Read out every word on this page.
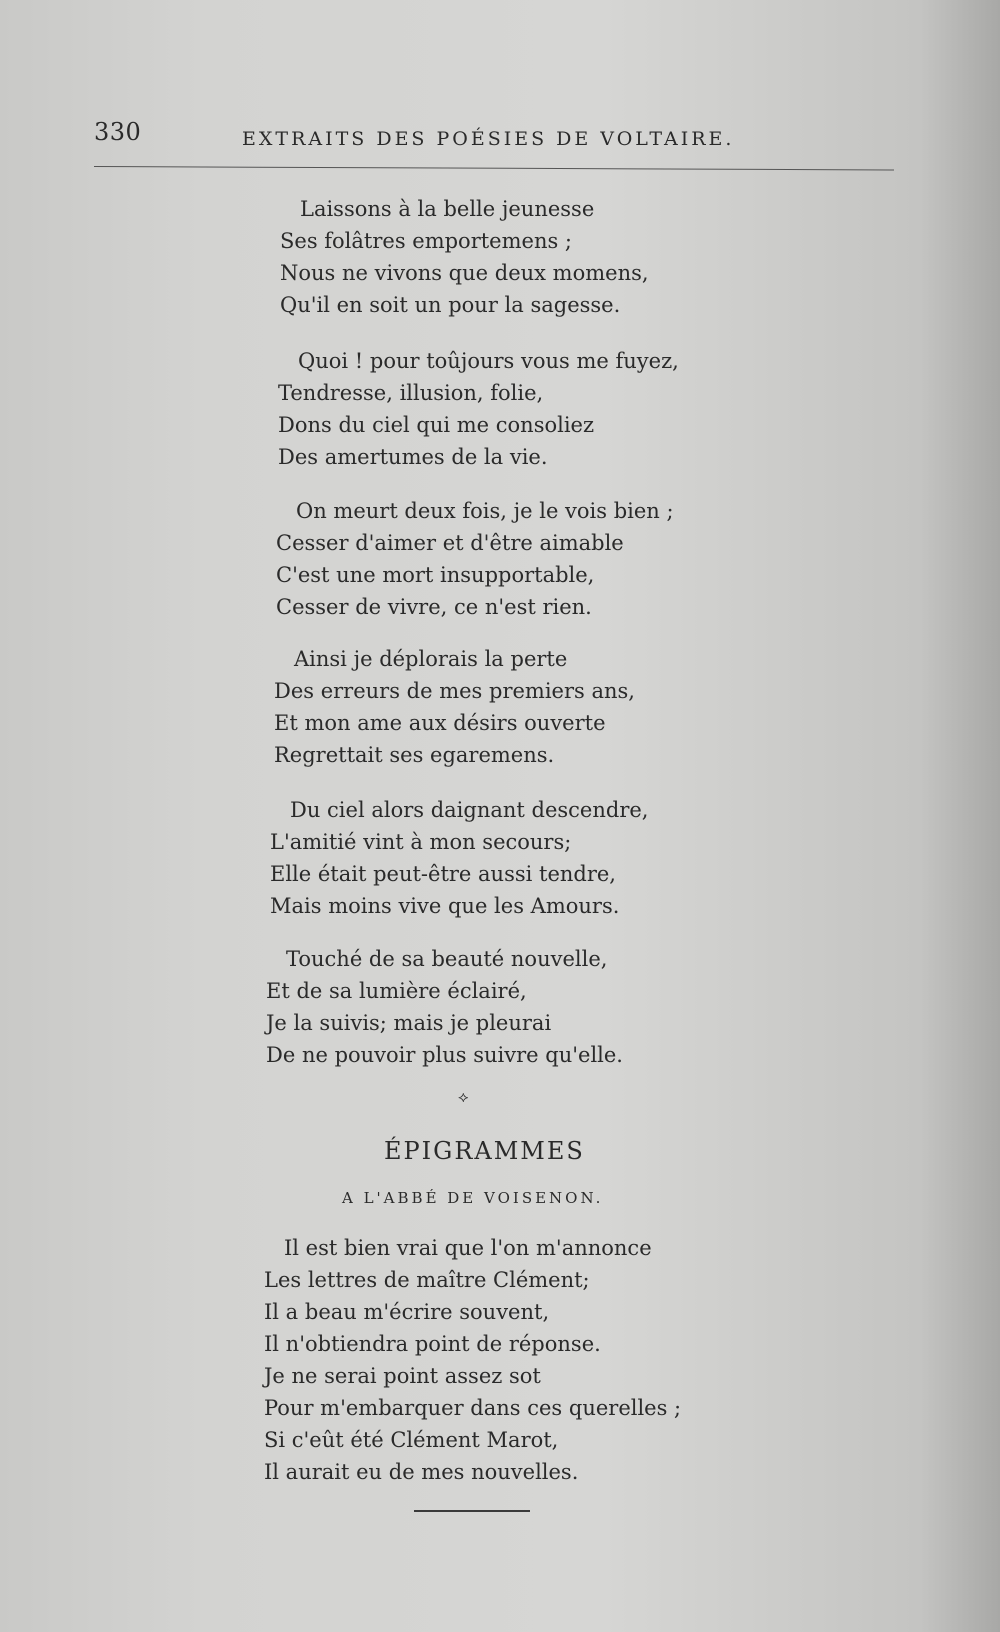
330	EXTRAITS DES POÉSIES DE VOLTAIRE.
Laissons à la belle jeunesse
Ses folâtres emportemens ;
Nous ne vivons que deux momens,
Qu'il en soit un pour la sagesse.
Quoi ! pour toûjours vous me fuyez,
Tendresse, illusion, folie,
Dons du ciel qui me consoliez
Des amertumes de la vie.
On meurt deux fois, je le vois bien ;
Cesser d'aimer et d'être aimable
C'est une mort insupportable,
Cesser de vivre, ce n'est rien.
Ainsi je déplorais la perte
Des erreurs de mes premiers ans,
Et mon ame aux désirs ouverte
Regrettait ses egaremens.
Du ciel alors daignant descendre,
L'amitié vint à mon secours;
Elle était peut-être aussi tendre,
Mais moins vive que les Amours.
Touché de sa beauté nouvelle,
Et de sa lumière éclairé,
Je la suivis; mais je pleurai
De ne pouvoir plus suivre qu'elle.
⟡
ÉPIGRAMMES
A L'ABBÉ DE VOISENON.
Il est bien vrai que l'on m'annonce
Les lettres de maître Clément;
Il a beau m'écrire souvent,
Il n'obtiendra point de réponse.
Je ne serai point assez sot
Pour m'embarquer dans ces querelles ;
Si c'eût été Clément Marot,
Il aurait eu de mes nouvelles.
